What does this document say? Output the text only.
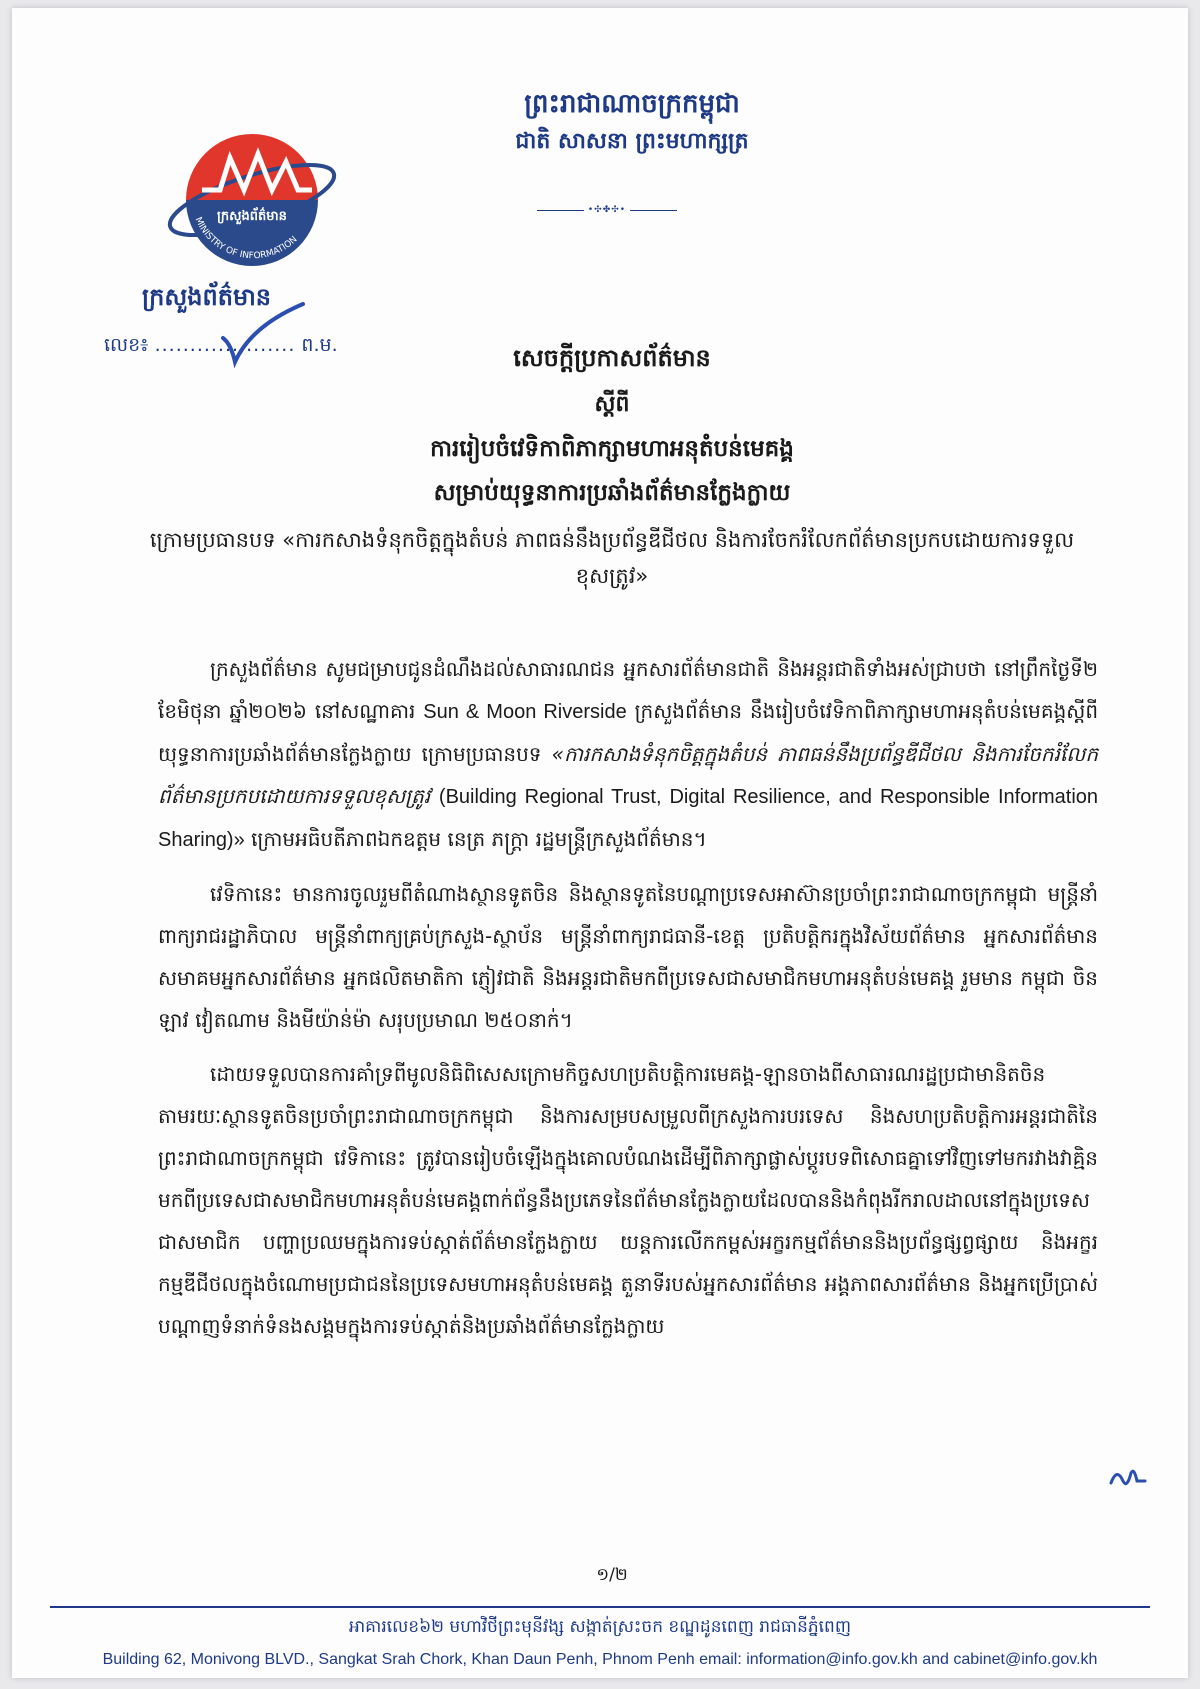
ព្រះរាជាណាចក្រកម្ពុជា
ជាតិ សាសនា ព្រះមហាក្សត្រ
•✣✤✣•
ក្រសួងព័ត៌មាន
MINISTRY OF INFORMATION
ក្រសួងព័ត៌មាន
លេខ៖ .................... ព.ម.	សេចក្ដីប្រកាសព័ត៌មាន
ស្ដីពី
ការរៀបចំវេទិកាពិភាក្សាមហាអនុតំបន់មេគង្គ
សម្រាប់យុទ្ធនាការប្រឆាំងព័ត៌មានក្លែងក្លាយ
ក្រោមប្រធានបទ «ការកសាងទំនុកចិត្តក្នុងតំបន់ ភាពធន់នឹងប្រព័ន្ធឌីជីថល និងការចែករំលែកព័ត៌មានប្រកបដោយការទទួលខុសត្រូវ»

ក្រសួងព័ត៌មាន សូមជម្រាបជូនដំណឹងដល់សាធារណជន អ្នកសារព័ត៌មានជាតិ និងអន្តរជាតិទាំងអស់ជ្រាបថា នៅព្រឹកថ្ងៃទី២ ខែមិថុនា ឆ្នាំ២០២៦ នៅសណ្ឋាគារ Sun & Moon Riverside ក្រសួងព័ត៌មាន នឹងរៀបចំវេទិកាពិភាក្សាមហាអនុតំបន់មេគង្គស្ដីពីយុទ្ធនាការប្រឆាំងព័ត៌មានក្លែងក្លាយ ក្រោមប្រធានបទ «ការកសាងទំនុកចិត្តក្នុងតំបន់ ភាពធន់នឹងប្រព័ន្ធឌីជីថល និងការចែករំលែកព័ត៌មានប្រកបដោយការទទួលខុសត្រូវ (Building Regional Trust, Digital Resilience, and Responsible Information Sharing)» ក្រោមអធិបតីភាពឯកឧត្តម នេត្រ ភក្ត្រា រដ្ឋមន្ត្រីក្រសួងព័ត៌មាន។

វេទិកានេះ មានការចូលរួមពីតំណាងស្ថានទូតចិន និងស្ថានទូតនៃបណ្ដាប្រទេសអាស៊ានប្រចាំព្រះរាជាណាចក្រកម្ពុជា មន្ត្រីនាំពាក្យរាជរដ្ឋាភិបាល មន្ត្រីនាំពាក្យគ្រប់ក្រសួង-ស្ថាប័ន មន្ត្រីនាំពាក្យរាជធានី-ខេត្ត ប្រតិបត្តិករក្នុងវិស័យព័ត៌មាន អ្នកសារព័ត៌មាន សមាគមអ្នកសារព័ត៌មាន អ្នកផលិតមាតិកា ភ្ញៀវជាតិ និងអន្តរជាតិមកពីប្រទេសជាសមាជិកមហាអនុតំបន់មេគង្គ រួមមាន កម្ពុជា ចិន ឡាវ វៀតណាម និងមីយ៉ាន់ម៉ា សរុបប្រមាណ ២៥០នាក់។

ដោយទទួលបានការគាំទ្រពីមូលនិធិពិសេសក្រោមកិច្ចសហប្រតិបត្តិការមេគង្គ-ឡានចាងពីសាធារណរដ្ឋប្រជាមានិតចិន តាមរយៈស្ថានទូតចិនប្រចាំព្រះរាជាណាចក្រកម្ពុជា និងការសម្របសម្រួលពីក្រសួងការបរទេស និងសហប្រតិបត្តិការអន្តរជាតិនៃព្រះរាជាណាចក្រកម្ពុជា វេទិកានេះ ត្រូវបានរៀបចំឡើងក្នុងគោលបំណងដើម្បីពិភាក្សាផ្លាស់ប្ដូរបទពិសោធគ្នាទៅវិញទៅមករវាងវាគ្មិនមកពីប្រទេសជាសមាជិកមហាអនុតំបន់មេគង្គពាក់ព័ន្ធនឹងប្រភេទនៃព័ត៌មានក្លែងក្លាយដែលបាននិងកំពុងរីករាលដាលនៅក្នុងប្រទេសជាសមាជិក បញ្ហាប្រឈមក្នុងការទប់ស្កាត់ព័ត៌មានក្លែងក្លាយ យន្តការលើកកម្ពស់អក្ខរកម្មព័ត៌មាននិងប្រព័ន្ធផ្សព្វផ្សាយ និងអក្ខរកម្មឌីជីថលក្នុងចំណោមប្រជាជននៃប្រទេសមហាអនុតំបន់មេគង្គ តួនាទីរបស់អ្នកសារព័ត៌មាន អង្គភាពសារព័ត៌មាន និងអ្នកប្រើប្រាស់បណ្ដាញទំនាក់ទំនងសង្គមក្នុងការទប់ស្កាត់និងប្រឆាំងព័ត៌មានក្លែងក្លាយ

១/២
អាគារលេខ៦២ មហាវិថីព្រះមុនីវង្ស សង្កាត់ស្រះចក ខណ្ឌដូនពេញ រាជធានីភ្នំពេញ
Building 62, Monivong BLVD., Sangkat Srah Chork, Khan Daun Penh, Phnom Penh email: information@info.gov.kh and cabinet@info.gov.kh
